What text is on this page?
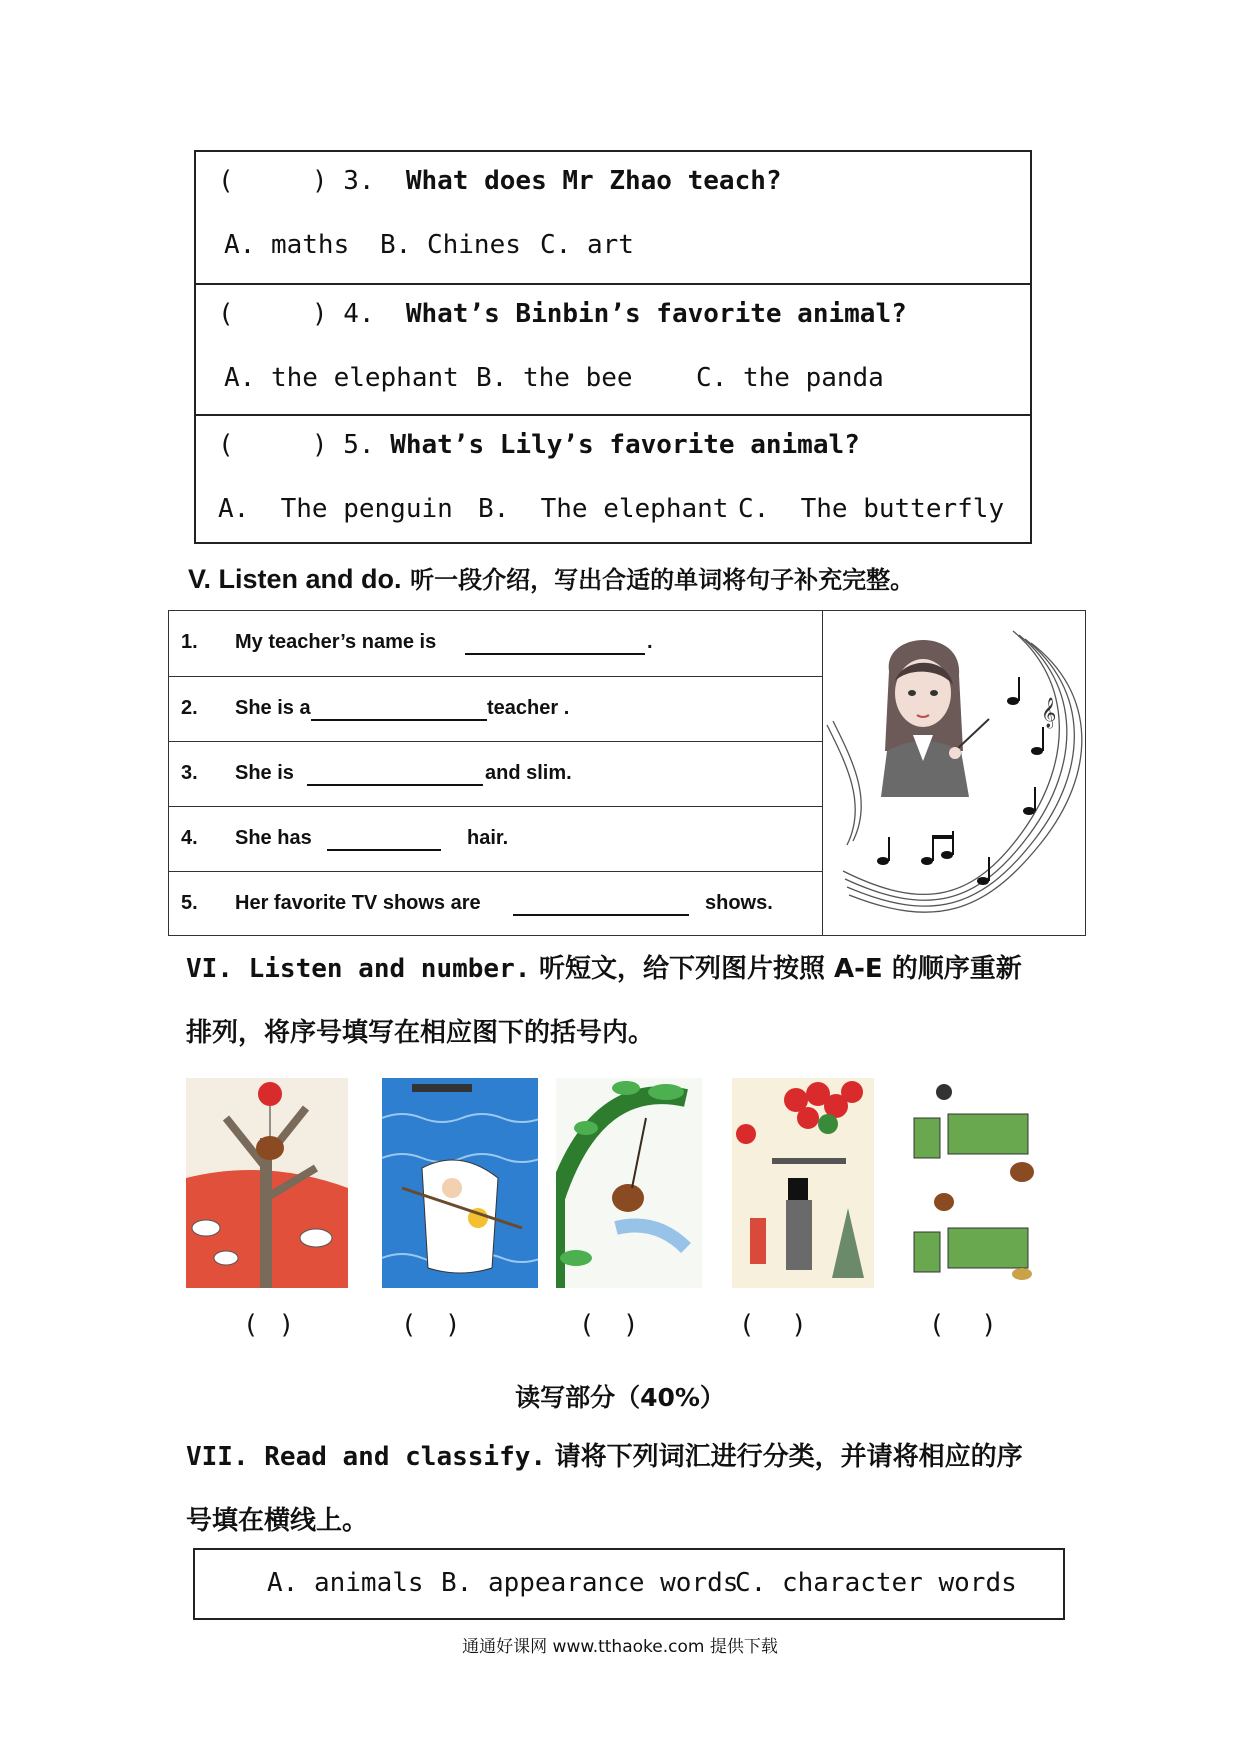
(     ) 3.  What does Mr Zhao teach?

A. maths

B. Chines

C. art

(     ) 4.  What’s Binbin’s favorite animal?

A. the elephant

B. the bee

C. the panda

(     ) 5. What’s Lily’s favorite animal?

A.  The penguin

B.  The elephant

C.  The butterfly

V. Listen and do. 听一段介绍，写出合适的单词将句子补充完整。
1. My teacher’s name is	.
2. She is a	teacher .
3. She is	and slim.
4. She has	hair.
5. Her favorite TV shows are	shows.
𝄞
VI. Listen and number. 听短文，给下列图片按照 A-E 的顺序重新
排列，将序号填写在相应图下的括号内。
(   )	(    )	(    )	(     )	(     )
读写部分（40%）
VII. Read and classify. 请将下列词汇进行分类，并请将相应的序
号填在横线上。
A. animals B. appearance words
C. character words
通通好课网 www.tthaoke.com 提供下载
